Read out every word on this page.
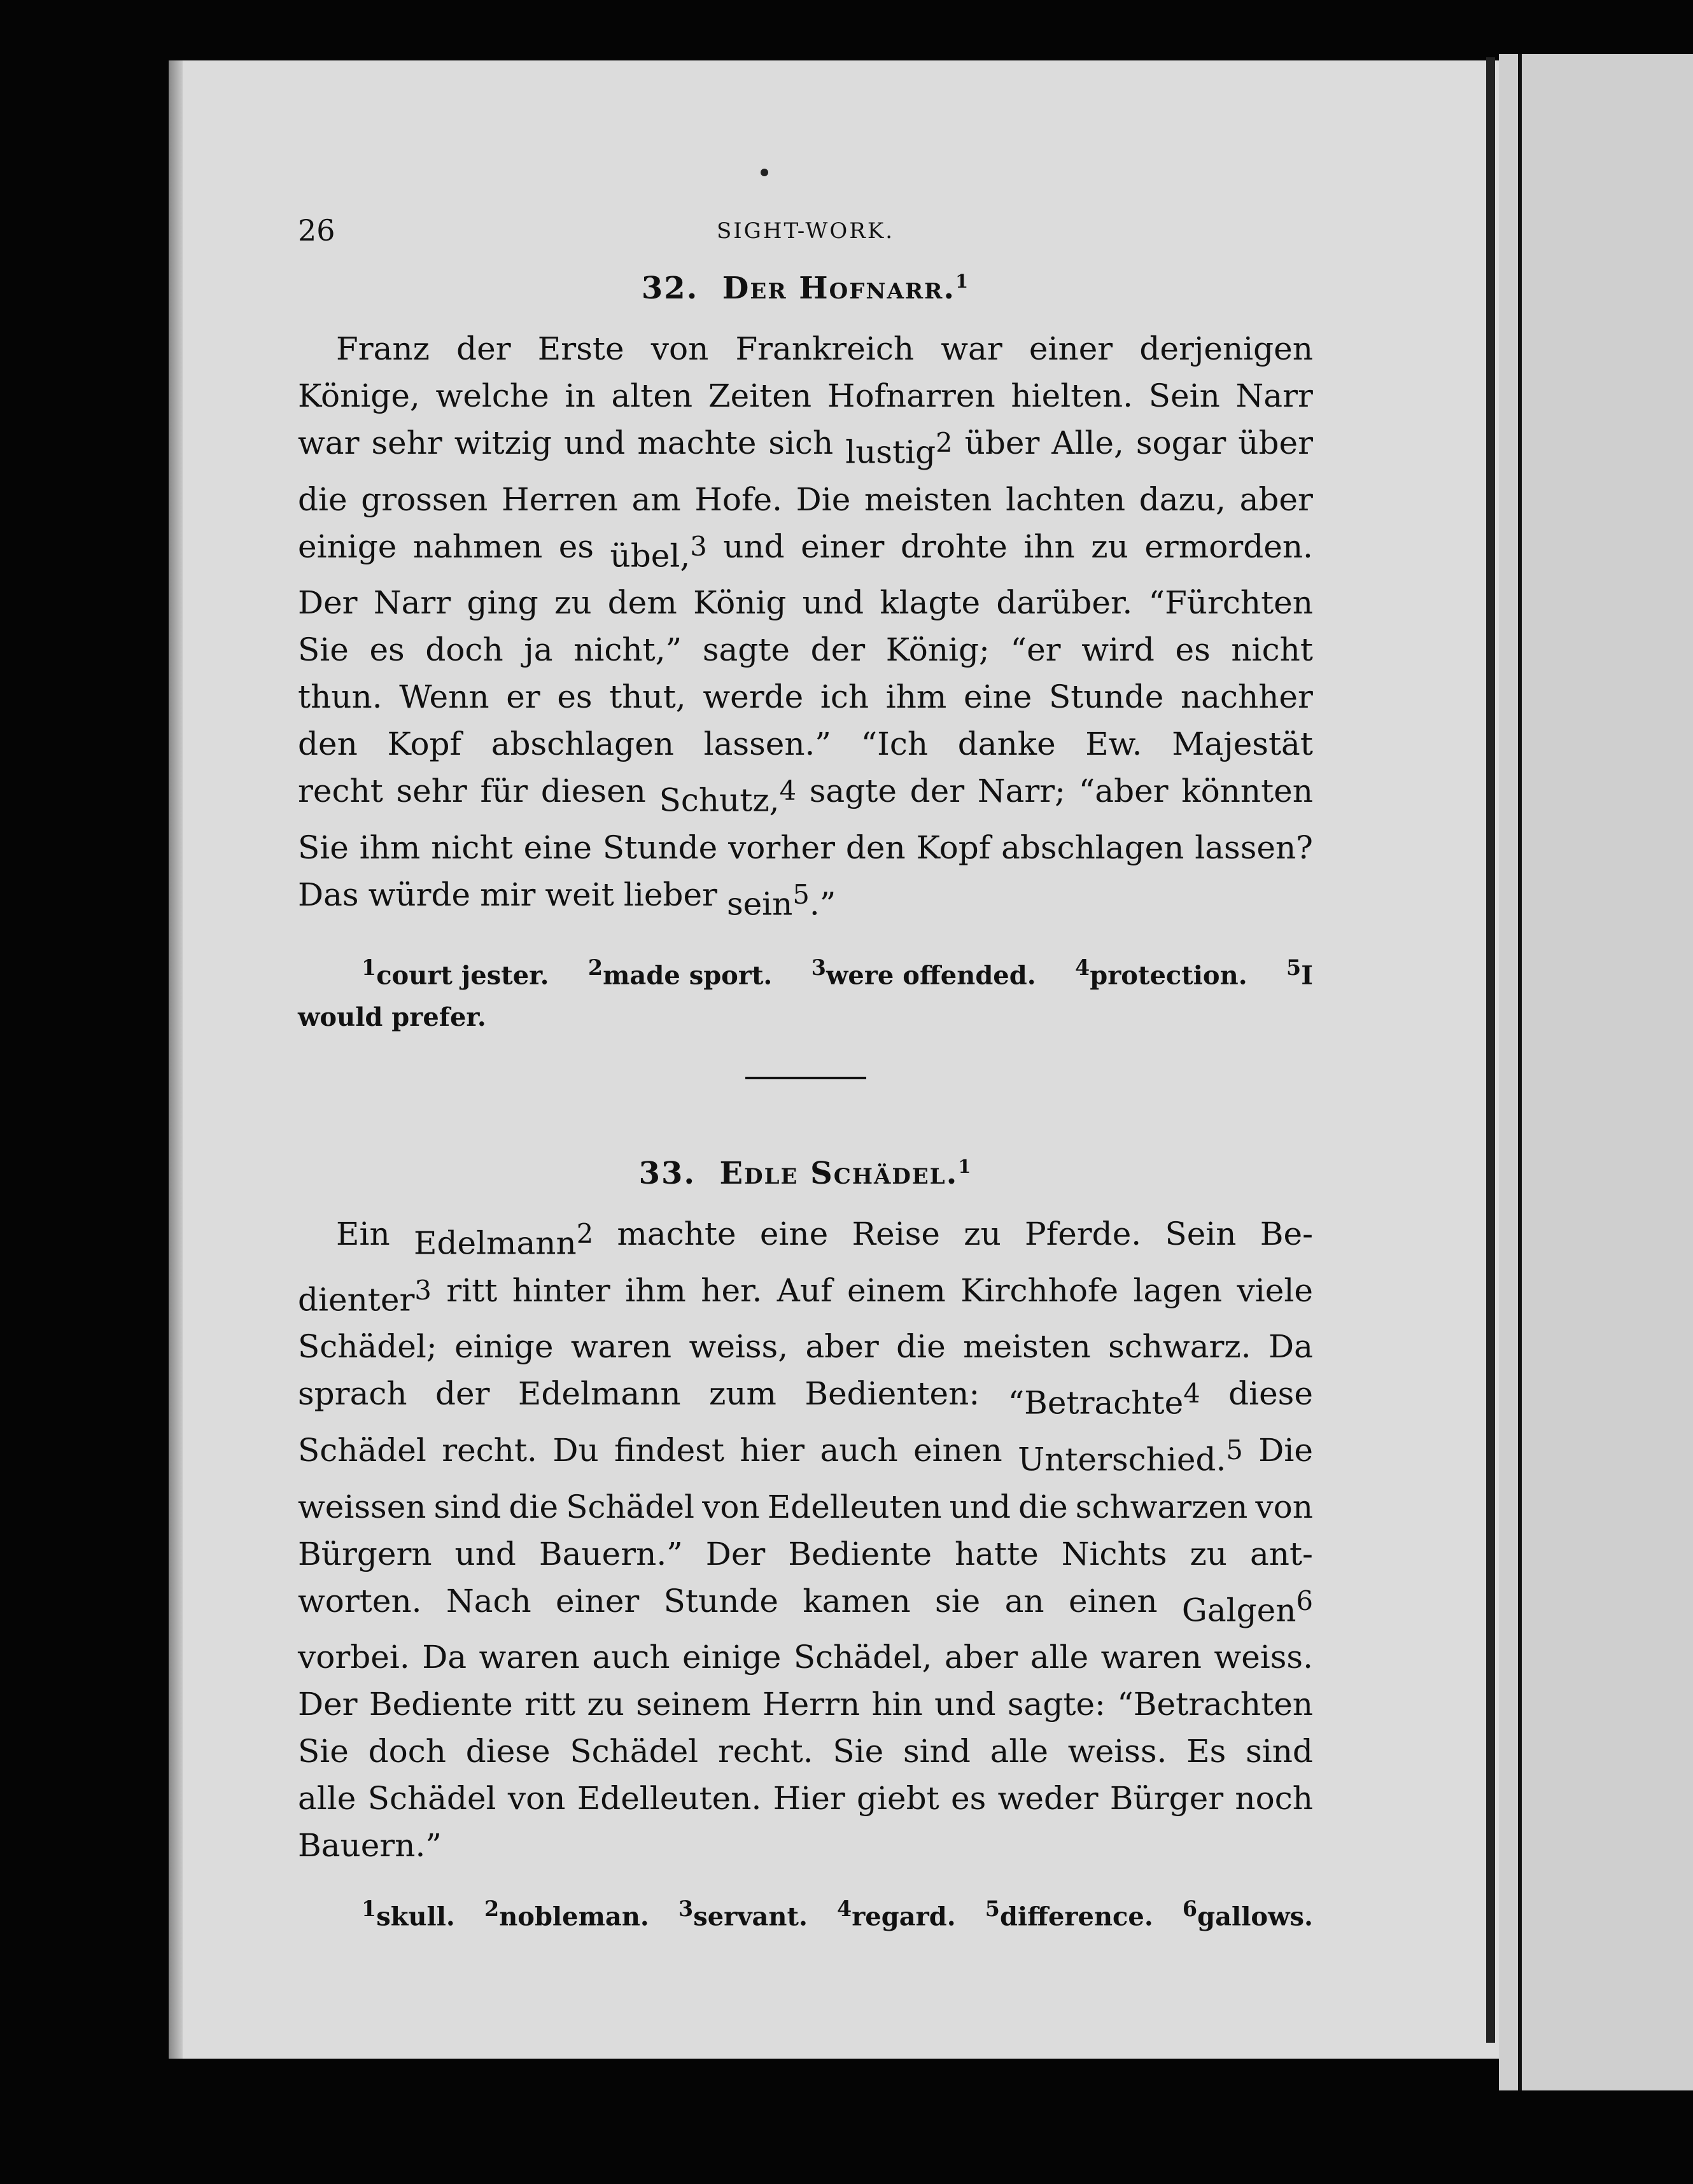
26	SIGHT-WORK.
32. Der Hofnarr.$^1$
Franz der Erste von Frankreich war einer derjenigen
Könige, welche in alten Zeiten Hofnarren hielten. Sein Narr
war sehr witzig und machte sich lustig$^2$ über Alle, sogar über
die grossen Herren am Hofe. Die meisten lachten dazu, aber
einige nahmen es übel,$^3$ und einer drohte ihn zu ermorden.
Der Narr ging zu dem König und klagte darüber. “Fürchten
Sie es doch ja nicht,” sagte der König; “er wird es nicht
thun. Wenn er es thut, werde ich ihm eine Stunde nachher
den Kopf abschlagen lassen.” “Ich danke Ew. Majestät
recht sehr für diesen Schutz,$^4$ sagte der Narr; “aber könnten
Sie ihm nicht eine Stunde vorher den Kopf abschlagen lassen?
Das würde mir weit lieber sein$^5$.”
$^1$court jester. $^2$made sport. $^3$were offended. $^4$protection. $^5$I
would prefer.
33. Edle Schädel.$^1$
Ein Edelmann$^2$ machte eine Reise zu Pferde. Sein Be-
dienter$^3$ ritt hinter ihm her. Auf einem Kirchhofe lagen viele
Schädel; einige waren weiss, aber die meisten schwarz. Da
sprach der Edelmann zum Bedienten: “Betrachte$^4$ diese
Schädel recht. Du findest hier auch einen Unterschied.$^5$ Die
weissen sind die Schädel von Edelleuten und die schwarzen von
Bürgern und Bauern.” Der Bediente hatte Nichts zu ant-
worten. Nach einer Stunde kamen sie an einen Galgen$^6$
vorbei. Da waren auch einige Schädel, aber alle waren weiss.
Der Bediente ritt zu seinem Herrn hin und sagte: “Betrachten
Sie doch diese Schädel recht. Sie sind alle weiss. Es sind
alle Schädel von Edelleuten. Hier giebt es weder Bürger noch
Bauern.”
$^1$skull. $^2$nobleman. $^3$servant. $^4$regard. $^5$difference. $^6$gallows.
